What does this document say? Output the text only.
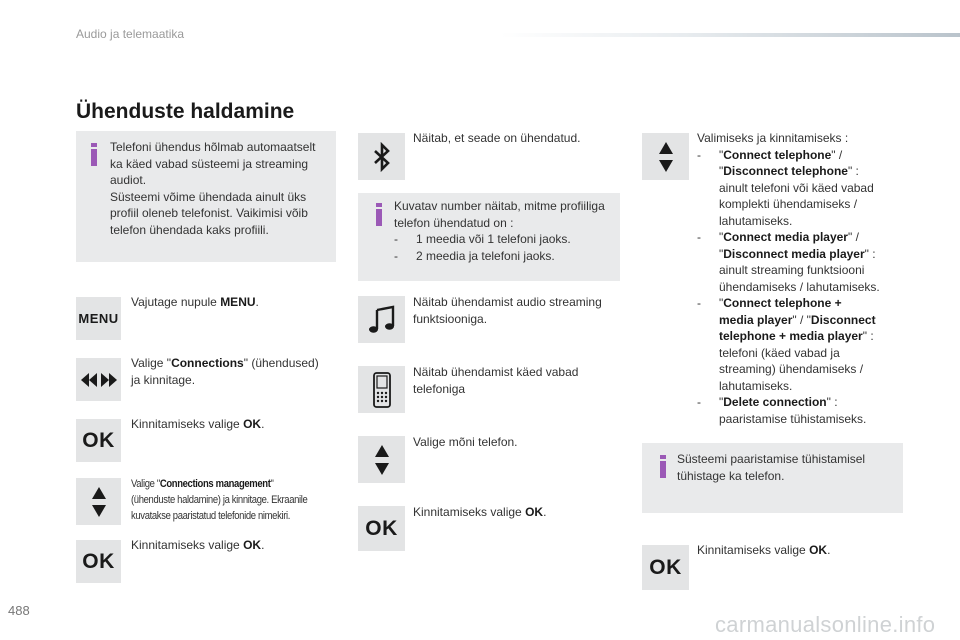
Audio ja telemaatika
Ühenduste haldamine
Telefoni ühendus hõlmab automaatselt
ka käed vabad süsteemi ja streaming
audiot.
Süsteemi võime ühendada ainult üks
profiil oleneb telefonist. Vaikimisi võib
telefon ühendada kaks profiili.
MENU
Vajutage nupule MENU.
Valige "Connections" (ühendused)
ja kinnitage.
OK
Kinnitamiseks valige OK.
Valige "Connections management"
(ühenduste haldamine) ja kinnitage. Ekraanile
kuvatakse paaristatud telefonide nimekiri.
OK
Kinnitamiseks valige OK.
Näitab, et seade on ühendatud.
Kuvatav number näitab, mitme profiiliga
telefon ühendatud on :
-	1 meedia või 1 telefoni jaoks.
-	2 meedia ja telefoni jaoks.
Näitab ühendamist audio streaming
funktsiooniga.
Näitab ühendamist käed vabad
telefoniga
Valige mõni telefon.
OK
Kinnitamiseks valige OK.
Valimiseks ja kinnitamiseks :
-	"Connect telephone" /
"Disconnect telephone" :
ainult telefoni või käed vabad
komplekti ühendamiseks /
lahutamiseks.
-	"Connect media player" /
"Disconnect media player" :
ainult streaming funktsiooni
ühendamiseks / lahutamiseks.
-	"Connect telephone +
media player" / "Disconnect
telephone + media player" :
telefoni (käed vabad ja
streaming) ühendamiseks /
lahutamiseks.
-	"Delete connection" :
paaristamise tühistamiseks.
Süsteemi paaristamise tühistamisel
tühistage ka telefon.
OK
Kinnitamiseks valige OK.
488
carmanualsonline.info
